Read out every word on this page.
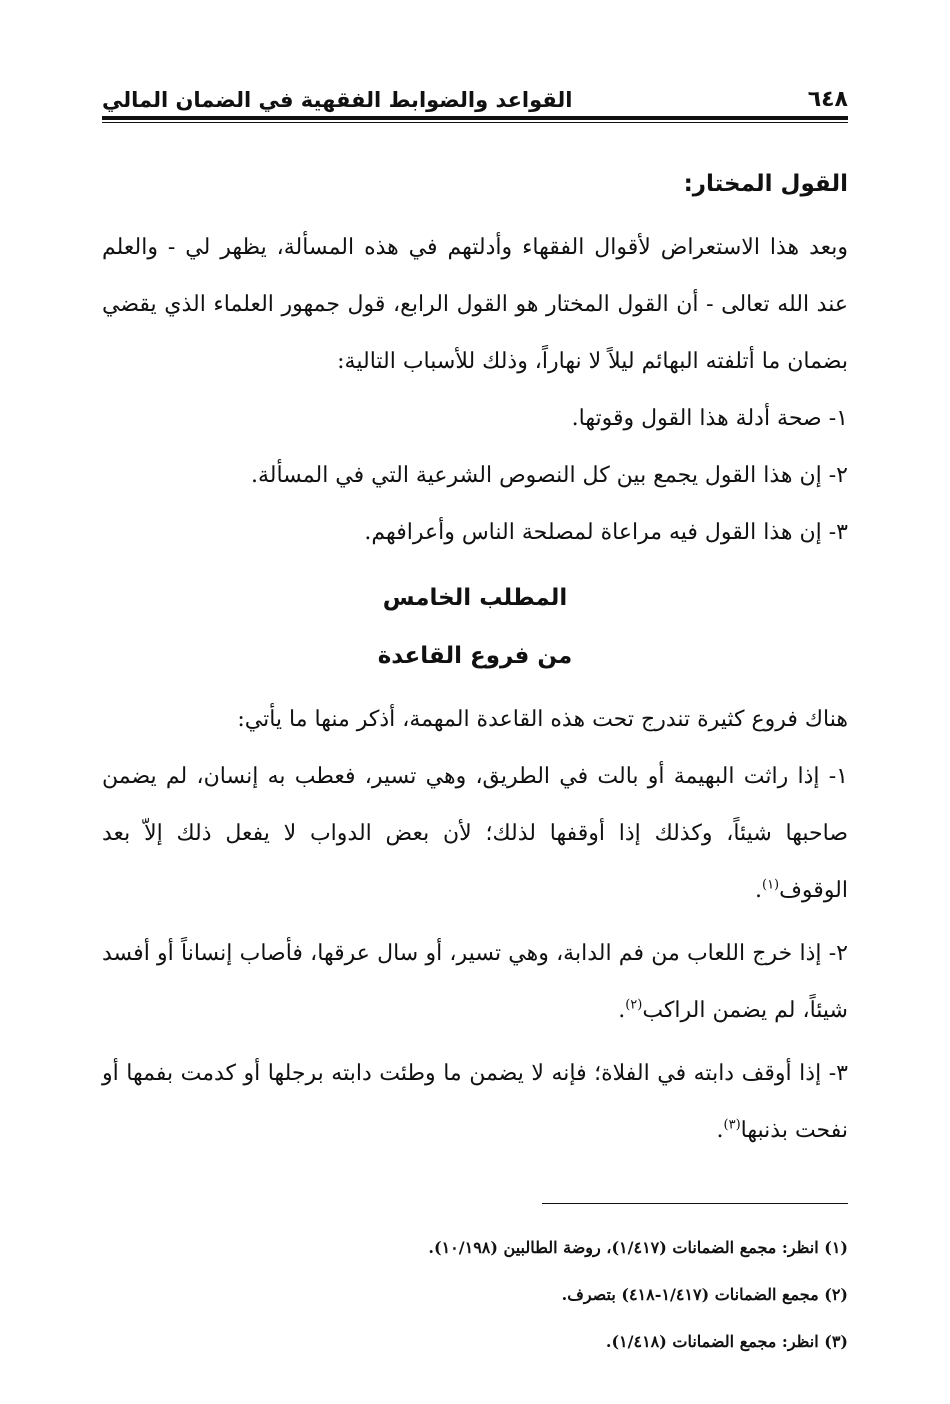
٦٤٨
القواعد والضوابط الفقهية في الضمان المالي
القول المختار:

وبعد هذا الاستعراض لأقوال الفقهاء وأدلتهم في هذه المسألة، يظهر لي - والعلم عند الله تعالى - أن القول المختار هو القول الرابع، قول جمهور العلماء الذي يقضي بضمان ما أتلفته البهائم ليلاً لا نهاراً، وذلك للأسباب التالية:

١- صحة أدلة هذا القول وقوتها.
٢- إن هذا القول يجمع بين كل النصوص الشرعية التي في المسألة.
٣- إن هذا القول فيه مراعاة لمصلحة الناس وأعرافهم.
المطلب الخامس
من فروع القاعدة

هناك فروع كثيرة تندرج تحت هذه القاعدة المهمة، أذكر منها ما يأتي:

١- إذا راثت البهيمة أو بالت في الطريق، وهي تسير، فعطب به إنسان، لم يضمن صاحبها شيئاً، وكذلك إذا أوقفها لذلك؛ لأن بعض الدواب لا يفعل ذلك إلاّ بعد الوقوف$^{(١)}$.

٢- إذا خرج اللعاب من فم الدابة، وهي تسير، أو سال عرقها، فأصاب إنساناً أو أفسد شيئاً، لم يضمن الراكب$^{(٢)}$.

٣- إذا أوقف دابته في الفلاة؛ فإنه لا يضمن ما وطئت دابته برجلها أو كدمت بفمها أو نفحت بذنبها$^{(٣)}$.

(١) انظر: مجمع الضمانات (١/٤١٧)، روضة الطالبين (١٠/١٩٨).
(٢) مجمع الضمانات (١/٤١٧-٤١٨) بتصرف.
(٣) انظر: مجمع الضمانات (١/٤١٨).
